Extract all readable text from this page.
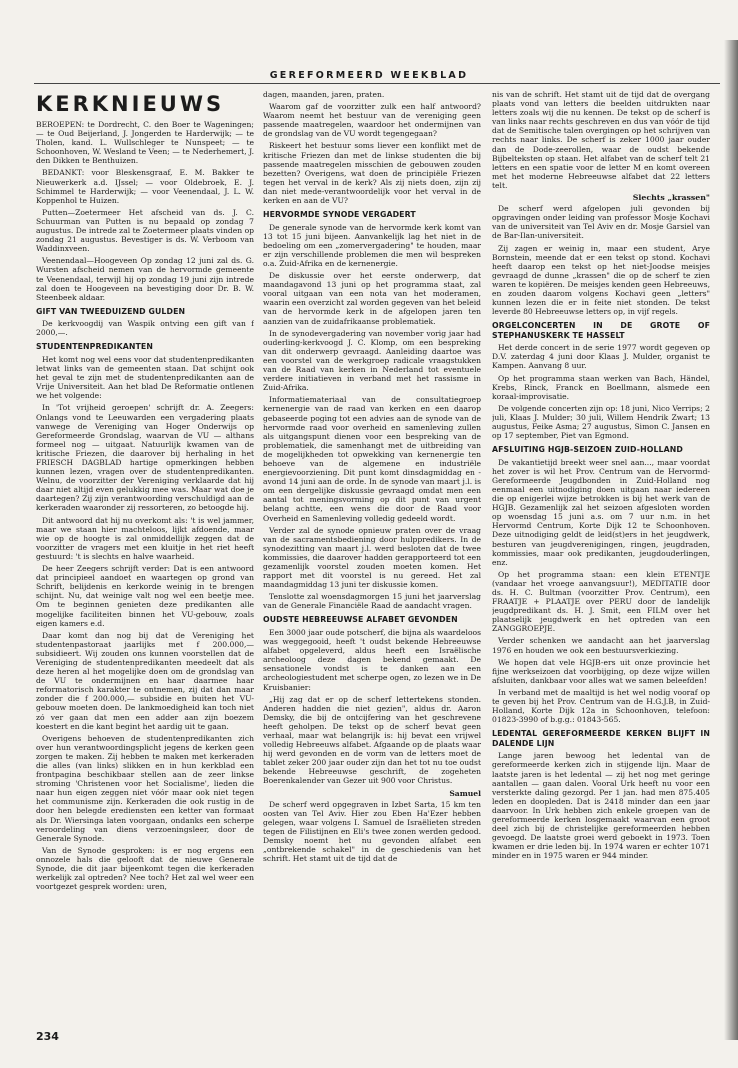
GEREFORMEERD WEEKBLAD
KERKNIEUWS

BEROEPEN: te Dordrecht, C. den Boer te Wageningen; — te Oud Beijerland, J. Jongerden te Harderwijk; — te Tholen, kand. L. Wullschleger te Nunspeet; — te Schoonhoven, W. Wesland te Veen; — te Nederhemert, J. den Dikken te Benthuizen.

BEDANKT: voor Bleskensgraaf, E. M. Bakker te Nieuwerkerk a.d. IJssel; — voor Oldebroek, E. J. Schimmel te Harderwijk; — voor Veenendaal, J. L. W. Koppenhol te Huizen.

Putten—Zoetermeer Het afscheid van ds. J. C. Schuurman van Putten is nu bepaald op zondag 7 augustus. De intrede zal te Zoetermeer plaats vinden op zondag 21 augustus. Bevestiger is ds. W. Verboom van Waddinxveen.

Veenendaal—Hoogeveen Op zondag 12 juni zal ds. G. Wursten afscheid nemen van de hervormde gemeente te Veenendaal, terwijl hij op zondag 19 juni zijn intrede zal doen te Hoogeveen na bevestiging door Dr. B. W. Steenbeek aldaar.

GIFT VAN TWEEDUIZEND GULDEN

De kerkvoogdij van Waspik ontving een gift van f 2000,—.

STUDENTENPREDIKANTEN

Het komt nog wel eens voor dat studentenpredikanten letwat links van de gemeenten staan. Dat schijnt ook het geval te zijn met de studentenpredikanten aan de Vrije Universiteit. Aan het blad De Reformatie ontlenen we het volgende:

In 'Tot vrijheid geroepen' schrijft dr. A. Zeegers: Onlangs vond te Leeuwarden een vergadering plaats vanwege de Vereniging van Hoger Onderwijs op Gereformeerde Grondslag, waarvan de VU — althans formeel nog — uitgaat. Natuurlijk kwamen van de kritische Friezen, die daarover bij herhaling in het FRIESCH DAGBLAD hartige opmerkingen hebben kunnen lezen, vragen over de studentenpredikanten. Welnu, de voorzitter der Vereniging verklaarde dat hij daar niet altijd even gelukkig mee was. Maar wat doe je daartegen? Zij zijn verantwoording verschuldigd aan de kerkeraden waaronder zij ressorteren, zo betoogde hij.

Dit antwoord dat hij nu overkomt als: 't is wel jammer, maar we staan hier machteloos, lijkt afdoende, maar wie op de hoogte is zal onmiddellijk zeggen dat de voorzitter de vragers met een kluitje in het riet heeft gestuurd: 't is slechts en halve waarheid.

De heer Zeegers schrijft verder: Dat is een antwoord dat principieel aandoet en waartegen op grond van Schrift, belijdenis en kerkorde weinig in te brengen schijnt. Nu, dat weinige valt nog wel een beetje mee. Om te beginnen genieten deze predikanten alle mogelijke faciliteiten binnen het VU-gebouw, zoals eigen kamers e.d.

Daar komt dan nog bij dat de Vereniging het studentenpastoraat jaarlijks met f 200.000,— subsidieert. Wij zouden ons kunnen voorstellen dat de Vereniging de studentenpredikanten meedeelt dat als deze heren al het mogelijke doen om de grondslag van de VU te ondermijnen en haar daarmee haar reformatorisch karakter te ontnemen, zij dat dan maar zonder die f 200.000,— subsidie en buiten het VU-gebouw moeten doen. De lankmoedigheid kan toch niet zó ver gaan dat men een adder aan zijn boezem koestert en die kant begint het aardig uit te gaan.

Overigens behoeven de studentenpredikanten zich over hun verantwoordingsplicht jegens de kerken geen zorgen te maken. Zij hebben te maken met kerkeraden die alles (van links) slikken en in hun kerkblad een frontpagina beschikbaar stellen aan de zeer linkse stroming 'Christenen voor het Socialisme', lieden die naar hun eigen zeggen niet vóór maar ook niet tegen het communisme zijn. Kerkeraden die ook rustig in de door hen belegde erediensten een ketter van formaat als Dr. Wiersinga laten voorgaan, ondanks een scherpe veroordeling van diens verzoeningsleer, door de Generale Synode.

Van de Synode gesproken: is er nog ergens een onnozele hals die gelooft dat de nieuwe Generale Synode, die dit jaar bijeenkomt tegen die kerkeraden werkelijk zal optreden? Nee toch? Het zal wel weer een voortgezet gesprek worden: uren,

dagen, maanden, jaren, praten.

Waarom gaf de voorzitter zulk een half antwoord? Waarom neemt het bestuur van de vereniging geen passende maatregelen, waardoor het ondermijnen van de grondslag van de VU wordt tegengegaan?

Riskeert het bestuur soms liever een konflikt met de kritische Friezen dan met de linkse studenten die bij passende maatregelen misschien de gebouwen zouden bezetten? Overigens, wat doen de principiële Friezen tegen het verval in de kerk? Als zij niets doen, zijn zij dan niet mede-verantwoordelijk voor het verval in de kerken en aan de VU?

HERVORMDE SYNODE VERGADERT

De generale synode van de hervormde kerk komt van 13 tot 15 juni bijeen. Aanvankelijk lag het niet in de bedoeling om een „zomervergadering" te houden, maar er zijn verschillende problemen die men wil bespreken o.a. Zuid-Afrika en de kernenergie.

De diskussie over het eerste onderwerp, dat maandagavond 13 juni op het programma staat, zal vooral uitgaan van een nota van het moderamen, waarin een overzicht zal worden gegeven van het beleid van de hervormde kerk in de afgelopen jaren ten aanzien van de zuidafrikaanse problematiek.

In de synodevergadering van november vorig jaar had ouderling-kerkvoogd J. C. Klomp, om een bespreking van dit onderwerp gevraagd. Aanleiding daartoe was een voorstel van de werkgroep radicale vraagstukken van de Raad van kerken in Nederland tot eventuele verdere initiatieven in verband met het rassisme in Zuid-Afrika.

Informatiemateriaal van de consultatiegroep kernenergie van de raad van kerken en een daarop gebaseerde poging tot een advies aan de synode van de hervormde raad voor overheid en samenleving zullen als uitgangspunt dienen voor een bespreking van de problematiek, die samenhangt met de uitbreiding van de mogelijkheden tot opwekking van kernenergie ten behoeve van de algemene en industriële energievoorziening. Dit punt komt dinsdagmiddag en -avond 14 juni aan de orde. In de synode van maart j.l. is om een dergelijke diskussie gevraagd omdat men een aantal tot meningsvorming op dit punt van urgent belang achtte, een wens die door de Raad voor Overheid en Samenleving volledig gedeeld wordt.

Verder zal de synode opnieuw praten over de vraag van de sacramentsbediening door hulppredikers. In de synodezitting van maart j.l. werd besloten dat de twee kommissies, die daarover hadden gerapporteerd tot een gezamenlijk voorstel zouden moeten komen. Het rapport met dit voorstel is nu gereed. Het zal maandagmiddag 13 juni ter diskussie komen.

Tenslotte zal woensdagmorgen 15 juni het jaarverslag van de Generale Financiële Raad de aandacht vragen.

OUDSTE HEBREEUWSE ALFABET GEVONDEN

Een 3000 jaar oude potscherf, die bijna als waardeloos was weggegooid, heeft 't oudst bekende Hebreeuwse alfabet opgeleverd, aldus heeft een Israëlische archeoloog deze dagen bekend gemaakt. De sensationele vondst is te danken aan een archeologiestudent met scherpe ogen, zo lezen we in De Kruisbanier:

„Hij zag dat er op de scherf lettertekens stonden. Anderen hadden die niet gezien", aldus dr. Aaron Demsky, die bij de ontcijfering van het geschrevene heeft geholpen. De tekst op de scherf bevat geen verhaal, maar wat belangrijk is: hij bevat een vrijwel volledig Hebreeuws alfabet. Afgaande op de plaats waar hij werd gevonden en de vorm van de letters moet de tablet zeker 200 jaar ouder zijn dan het tot nu toe oudst bekende Hebreeuwse geschrift, de zogeheten Boerenkalender van Gezer uit 900 voor Christus.

Samuel

De scherf werd opgegraven in Izbet Sarta, 15 km ten oosten van Tel Aviv. Hier zou Eben Ha'Ezer hebben gelegen, waar volgens I. Samuel de Israëlieten streden tegen de Filistijnen en Eli's twee zonen werden gedood. Demsky noemt het nu gevonden alfabet een „ontbrekende schakel" in de geschiedenis van het schrift. Het stamt uit de tijd dat de

nis van de schrift. Het stamt uit de tijd dat de overgang plaats vond van letters die beelden uitdrukten naar letters zoals wij die nu kennen. De tekst op de scherf is van links naar rechts geschreven en dus van vóór de tijd dat de Semitische talen overgingen op het schrijven van rechts naar links. De scherf is zeker 1000 jaar ouder dan de Dode-zeerollen, waar de oudst bekende Bijbelteksten op staan. Het alfabet van de scherf telt 21 letters en een spatie voor de letter M en komt overeen met het moderne Hebreeuwse alfabet dat 22 letters telt.

Slechts „krassen"

De scherf werd afgelopen juli gevonden bij opgravingen onder leiding van professor Mosje Kochavi van de universiteit van Tel Aviv en dr. Mosje Garsiel van de Bar-Ilan-universiteit.

Zij zagen er weinig in, maar een student, Arye Bornstein, meende dat er een tekst op stond. Kochavi heeft daarop een tekst op het niet-Joodse meisjes gevraagd de dunne „krassen" die op de scherf te zien waren te kopiëren. De meisjes kenden geen Hebreeuws, en zouden daarom volgens Kochavi geen „letters" kunnen lezen die er in feite niet stonden. De tekst leverde 80 Hebreeuwse letters op, in vijf regels.

ORGELCONCERTEN IN DE GROTE OF STEPHANUSKERK TE HASSELT

Het derde concert in de serie 1977 wordt gegeven op D.V. zaterdag 4 juni door Klaas J. Mulder, organist te Kampen. Aanvang 8 uur.

Op het programma staan werken van Bach, Händel, Krebs, Rinck, Franck en Boellmann, alsmede een koraal-improvisatie.

De volgende concerten zijn op: 18 juni, Nico Verrips; 2 juli, Klaas J. Mulder; 30 juli, Willem Hendrik Zwart; 13 augustus, Feike Asma; 27 augustus, Simon C. Jansen en op 17 september, Piet van Egmond.

AFSLUITING HGJB-SEIZOEN ZUID-HOLLAND

De vakantietijd breekt weer snel aan..., maar voordat het zover is wil het Prov. Centrum van de Hervormd-Gereformeerde Jeugdbonden in Zuid-Holland nog eenmaal een uitnodiging doen uitgaan naar iedereen die op enigerlei wijze betrokken is bij het werk van de HGJB. Gezamenlijk zal het seizoen afgesloten worden op woensdag 15 juni a.s. om 7 uur n.m. in het Hervormd Centrum, Korte Dijk 12 te Schoonhoven. Deze uitnodiging geldt de leid(st)ers in het jeugdwerk, besturen van jeugdverenigingen, ringen, jeugdraden, kommissies, maar ook predikanten, jeugdouderlingen, enz.

Op het programma staan: een klein ETENTJE (vandaar het vroege aanvangsuur!), MEDITATIE door ds. H. C. Bultman (voorzitter Prov. Centrum), een FRAATJE + PLAATJE over PERU door de landelijk jeugdpredikant ds. H. J. Smit, een FILM over het plaatselijk jeugdwerk en het optreden van een ZANGGROEPJE.

Verder schenken we aandacht aan het jaarverslag 1976 en houden we ook een bestuursverkiezing.

We hopen dat vele HGJB-ers uit onze provincie het fijne werkseizoen dat voorbijging, op deze wijze willen afsluiten, dankbaar voor alles wat we samen beleefden!

In verband met de maaltijd is het wel nodig vooraf op te geven bij het Prov. Centrum van de H.G.J.B, in Zuid-Holland, Korte Dijk 12a in Schoonhoven, telefoon: 01823-3990 of b.g.g.: 01843-565.

LEDENTAL GEREFORMEERDE KERKEN BLIJFT IN DALENDE LIJN

Lange jaren bewoog het ledental van de gereformeerde kerken zich in stijgende lijn. Maar de laatste jaren is het ledental — zij het nog met geringe aantallen — gaan dalen. Vooral Urk heeft nu voor een versterkte daling gezorgd. Per 1 jan. had men 875.405 leden en doopleden. Dat is 2418 minder dan een jaar daarvoor. In Urk hebben zich enkele groepen van de gereformeerde kerken losgemaakt waarvan een groot deel zich bij de christelijke gereformeerden hebben gevoegd. De laatste groei werd geboekt in 1973. Toen kwamen er drie leden bij. In 1974 waren er echter 1071 minder en in 1975 waren er 944 minder.

234
